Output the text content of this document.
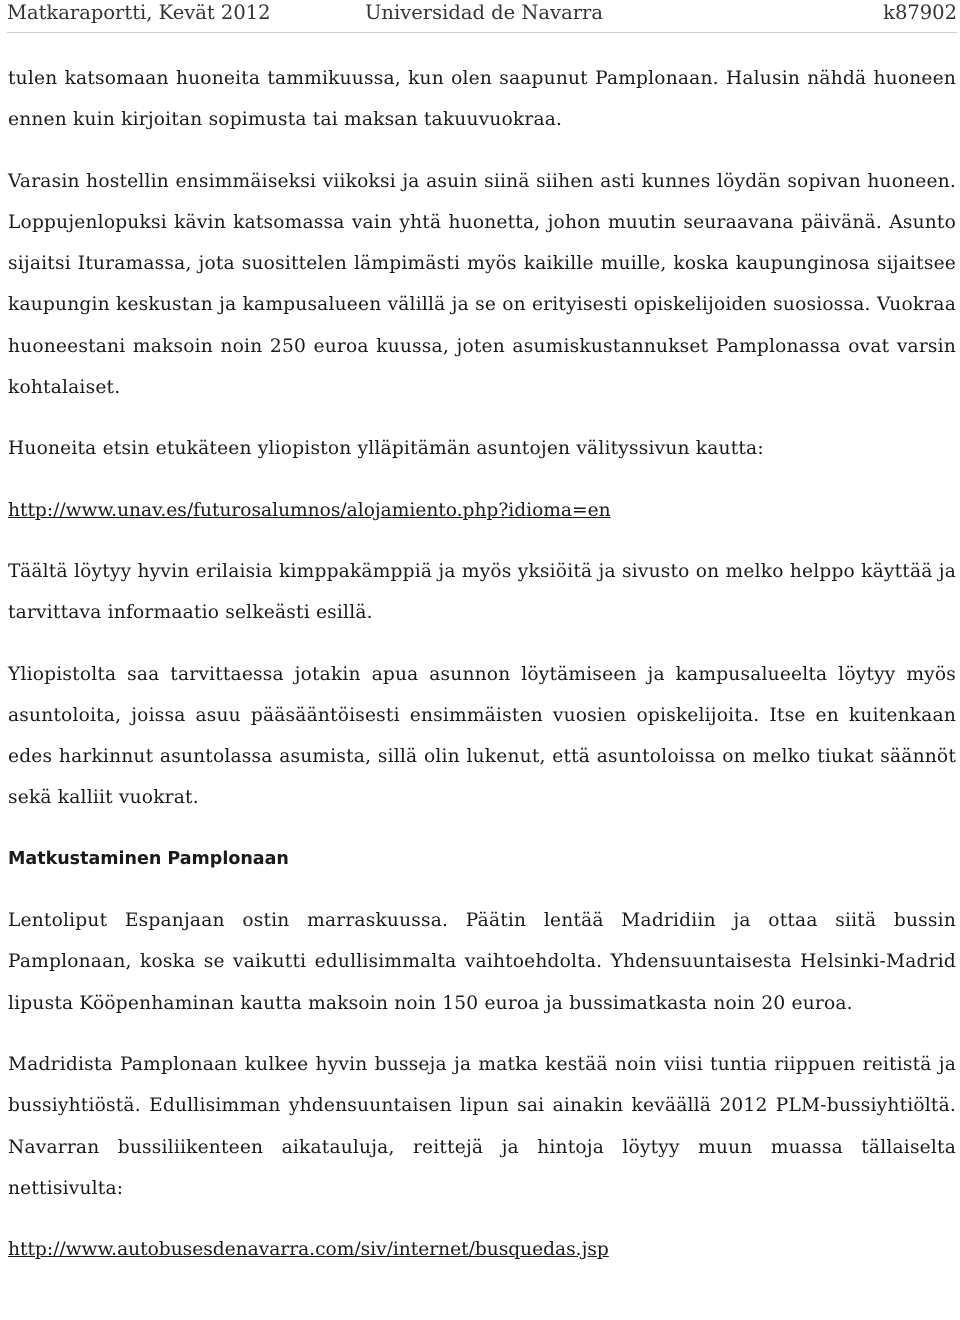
Matkaraportti, Kevät 2012	Universidad de Navarra	k87902

tulen katsomaan huoneita tammikuussa, kun olen saapunut Pamplonaan. Halusin nähdä huoneen ennen kuin kirjoitan sopimusta tai maksan takuuvuokraa.

Varasin hostellin ensimmäiseksi viikoksi ja asuin siinä siihen asti kunnes löydän sopivan huoneen. Loppujenlopuksi kävin katsomassa vain yhtä huonetta, johon muutin seuraavana päivänä. Asunto sijaitsi Ituramassa, jota suosittelen lämpimästi myös kaikille muille, koska kaupunginosa sijaitsee kaupungin keskustan ja kampusalueen välillä ja se on erityisesti opiskelijoiden suosiossa. Vuokraa huoneestani maksoin noin 250 euroa kuussa, joten asumiskustannukset Pamplonassa ovat varsin kohtalaiset.

Huoneita etsin etukäteen yliopiston ylläpitämän asuntojen välityssivun kautta:

http://www.unav.es/futurosalumnos/alojamiento.php?idioma=en

Täältä löytyy hyvin erilaisia kimppakämppiä ja myös yksiöitä ja sivusto on melko helppo käyttää ja tarvittava informaatio selkeästi esillä.

Yliopistolta saa tarvittaessa jotakin apua asunnon löytämiseen ja kampusalueelta löytyy myös asuntoloita, joissa asuu pääsääntöisesti ensimmäisten vuosien opiskelijoita. Itse en kuitenkaan edes harkinnut asuntolassa asumista, sillä olin lukenut, että asuntoloissa on melko tiukat säännöt sekä kalliit vuokrat.

Matkustaminen Pamplonaan

Lentoliput Espanjaan ostin marraskuussa. Päätin lentää Madridiin ja ottaa siitä bussin Pamplonaan, koska se vaikutti edullisimmalta vaihtoehdolta. Yhdensuuntaisesta Helsinki-Madrid lipusta Kööpenhaminan kautta maksoin noin 150 euroa ja bussimatkasta noin 20 euroa.

Madridista Pamplonaan kulkee hyvin busseja ja matka kestää noin viisi tuntia riippuen reitistä ja bussiyhtiöstä. Edullisimman yhdensuuntaisen lipun sai ainakin keväällä 2012 PLM-bussiyhtiöltä. Navarran bussiliikenteen aikatauluja, reittejä ja hintoja löytyy muun muassa tällaiselta nettisivulta:

http://www.autobusesdenavarra.com/siv/internet/busquedas.jsp
